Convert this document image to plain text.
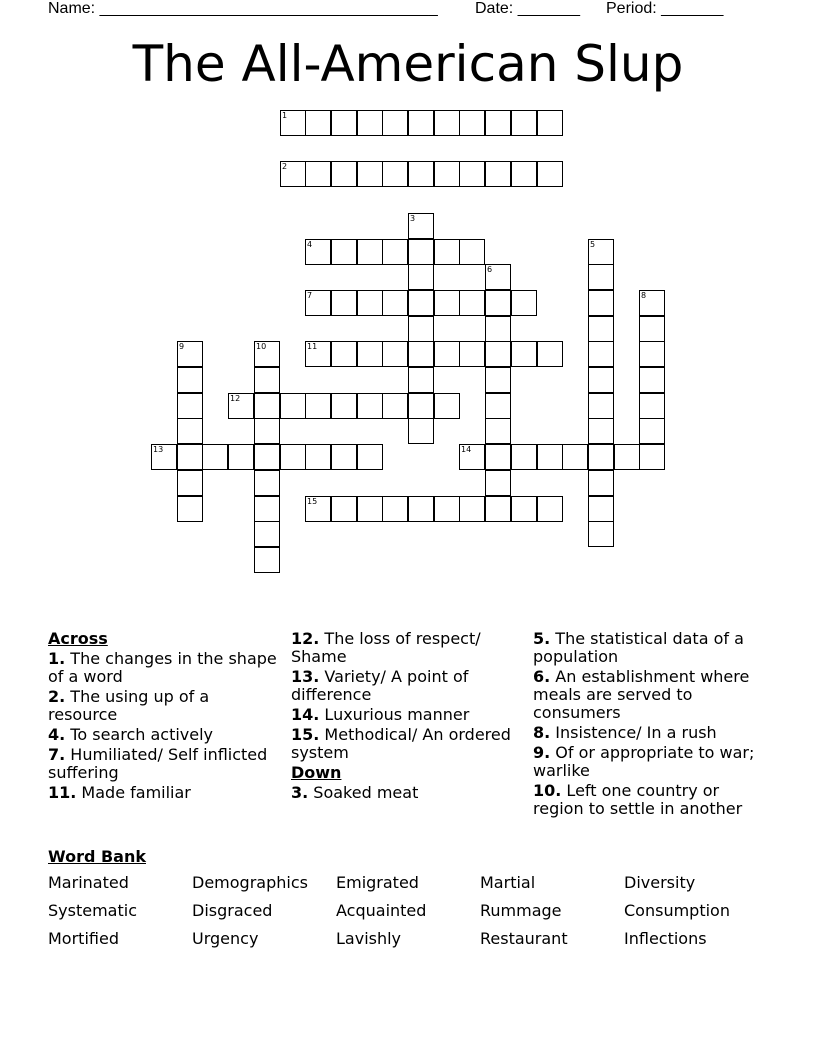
Name: ______________________________________ Date: _______ Period: _______
The All-American Slup
1
2
3
4	5
6
7	8
9	10	11
12
13	14
15
Across
1. The changes in the shape of a word
2. The using up of a resource
4. To search actively
7. Humiliated/ Self inflicted suffering
11. Made familiar
12. The loss of respect/ Shame
13. Variety/ A point of difference
14. Luxurious manner
15. Methodical/ An ordered system
Down
3. Soaked meat
5. The statistical data of a population
6. An establishment where meals are served to consumers
8. Insistence/ In a rush
9. Of or appropriate to war; warlike
10. Left one country or region to settle in another
Word Bank
Marinated	Demographics	Emigrated	Martial	Diversity
Systematic	Disgraced	Acquainted	Rummage	Consumption
Mortified	Urgency	Lavishly	Restaurant	Inflections
